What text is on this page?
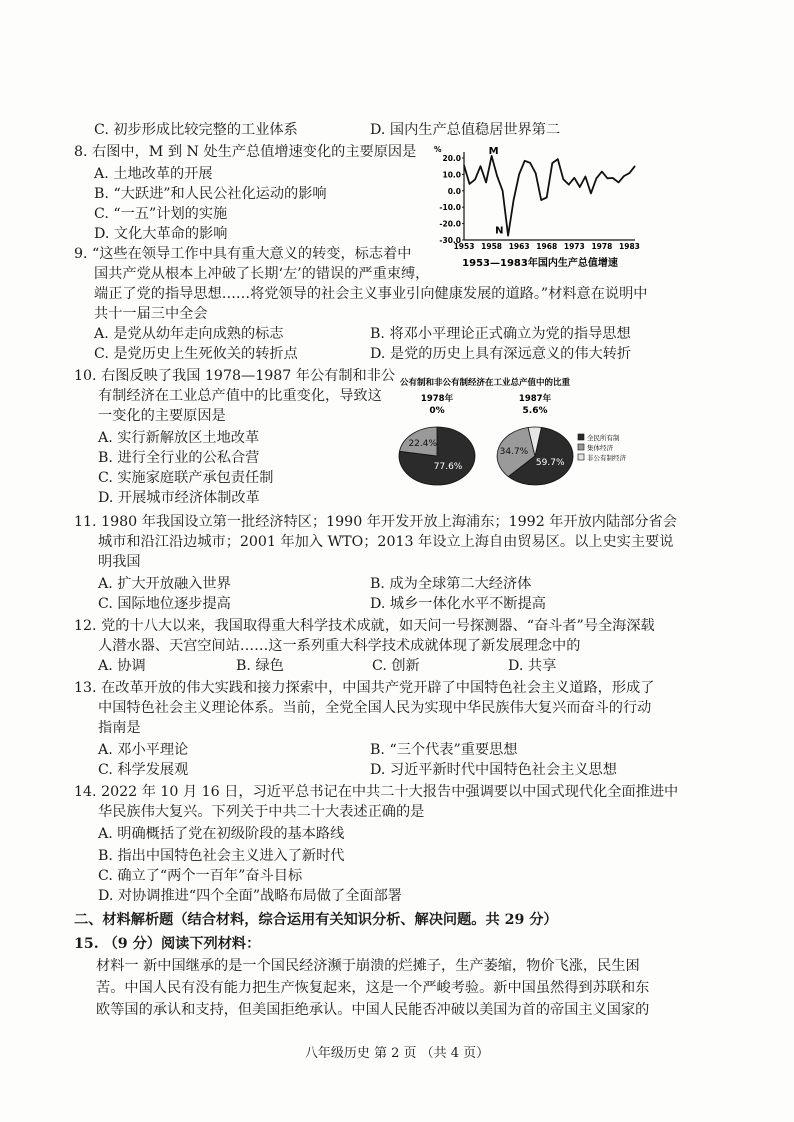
C. 初步形成比较完整的工业体系	D. 国内生产总值稳居世界第二
8. 右图中，M 到 N 处生产总值增速变化的主要原因是
A. 土地改革的开展
B. “大跃进”和人民公社化运动的影响
C. “一五”计划的实施
D. 文化大革命的影响
%
20.0
10.0
0.0
-10.0
-20.0
-30.0
1953 1958 1963 1968 1973 1978 1983
M
N
1953—1983年国内生产总值增速
9. “这些在领导工作中具有重大意义的转变，标志着中
国共产党从根本上冲破了长期‘左’的错误的严重束缚，
端正了党的指导思想……将党领导的社会主义事业引向健康发展的道路。”材料意在说明中
共十一届三中全会
A. 是党从幼年走向成熟的标志	B. 将邓小平理论正式确立为党的指导思想
C. 是党历史上生死攸关的转折点	D. 是党的历史上具有深远意义的伟大转折
10. 右图反映了我国 1978—1987 年公有制和非公
有制经济在工业总产值中的比重变化，导致这
一变化的主要原因是
A. 实行新解放区土地改革
B. 进行全行业的公私合营
C. 实施家庭联产承包责任制
D. 开展城市经济体制改革
公有制和非公有制经济在工业总产值中的比重
1978年
77.6%
22.4%
0%
1987年
59.7%
34.7%
5.6%
全民所有制
集体经济
非公有制经济
11. 1980 年我国设立第一批经济特区；1990 年开发开放上海浦东；1992 年开放内陆部分省会
城市和沿江沿边城市；2001 年加入 WTO；2013 年设立上海自由贸易区。以上史实主要说
明我国
A. 扩大开放融入世界	B. 成为全球第二大经济体
C. 国际地位逐步提高	D. 城乡一体化水平不断提高
12. 党的十八大以来，我国取得重大科学技术成就，如天问一号探测器、“奋斗者”号全海深载
人潜水器、天宫空间站……这一系列重大科学技术成就体现了新发展理念中的
A. 协调	B. 绿色	C. 创新	D. 共享
13. 在改革开放的伟大实践和接力探索中，中国共产党开辟了中国特色社会主义道路，形成了
中国特色社会主义理论体系。当前，全党全国人民为实现中华民族伟大复兴而奋斗的行动
指南是
A. 邓小平理论	B. “三个代表”重要思想
C. 科学发展观	D. 习近平新时代中国特色社会主义思想
14. 2022 年 10 月 16 日，习近平总书记在中共二十大报告中强调要以中国式现代化全面推进中
华民族伟大复兴。下列关于中共二十大表述正确的是
A. 明确概括了党在初级阶段的基本路线
B. 指出中国特色社会主义进入了新时代
C. 确立了“两个一百年”奋斗目标
D. 对协调推进“四个全面”战略布局做了全面部署
二、材料解析题（结合材料，综合运用有关知识分析、解决问题。共 29 分）
15. （9 分）阅读下列材料：
材料一 新中国继承的是一个国民经济濒于崩溃的烂摊子，生产萎缩，物价飞涨，民生困
苦。中国人民有没有能力把生产恢复起来，这是一个严峻考验。新中国虽然得到苏联和东
欧等国的承认和支持，但美国拒绝承认。中国人民能否冲破以美国为首的帝国主义国家的
八年级历史 第 2 页 （共 4 页）
